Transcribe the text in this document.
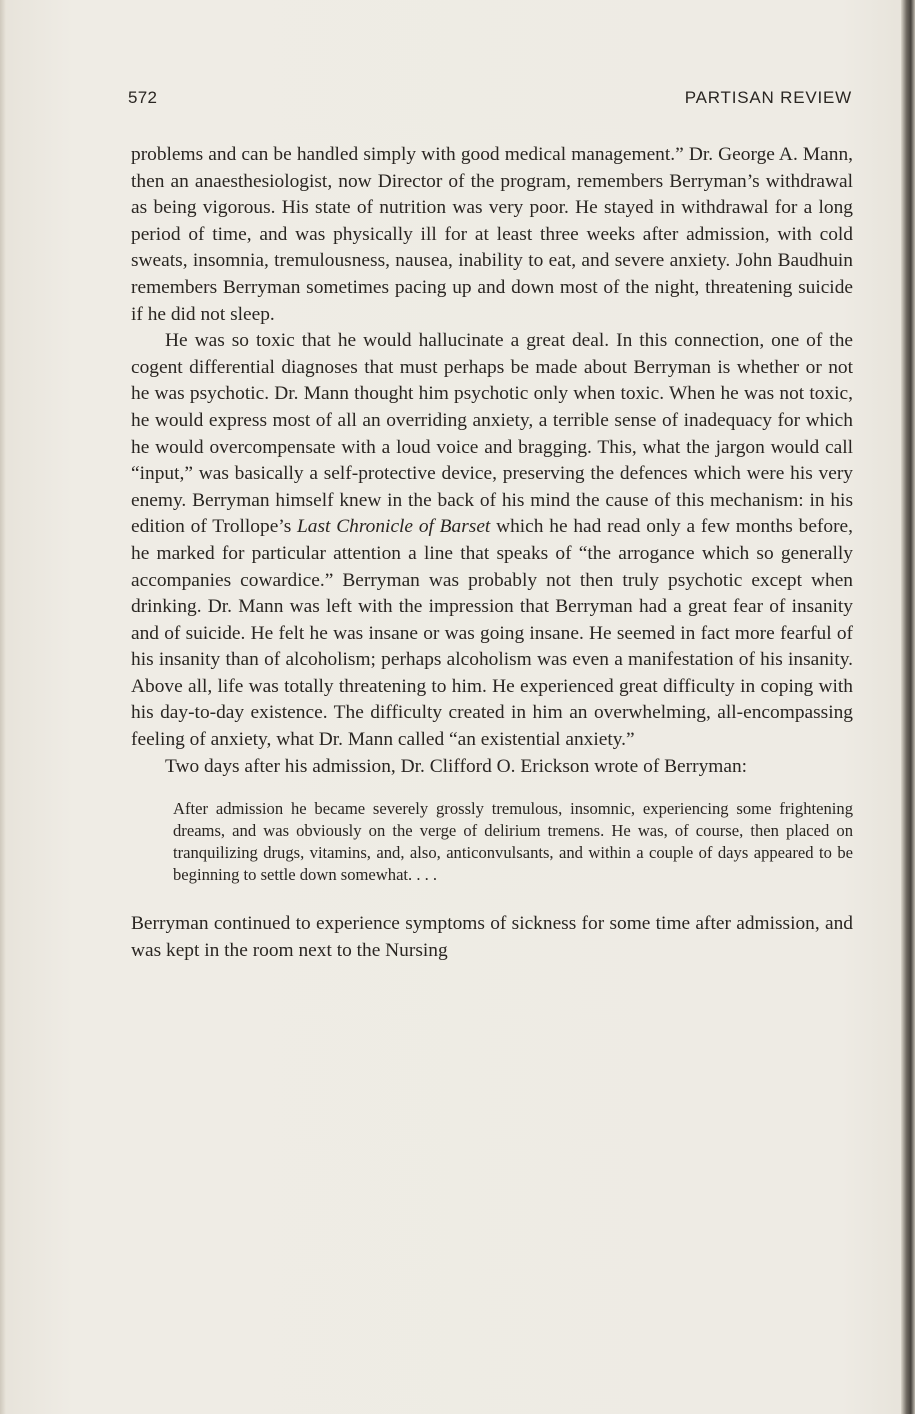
572	PARTISAN REVIEW

problems and can be handled simply with good medical management.” Dr. George A. Mann, then an anaesthesiologist, now Director of the program, remembers Berryman’s withdrawal as being vigorous. His state of nutrition was very poor. He stayed in withdrawal for a long period of time, and was physically ill for at least three weeks after admission, with cold sweats, insomnia, tremulousness, nausea, inability to eat, and severe anxiety. John Baudhuin remembers Berryman sometimes pacing up and down most of the night, threatening suicide if he did not sleep.

He was so toxic that he would hallucinate a great deal. In this connection, one of the cogent differential diagnoses that must perhaps be made about Berryman is whether or not he was psychotic. Dr. Mann thought him psychotic only when toxic. When he was not toxic, he would express most of all an overriding anxiety, a terrible sense of inadequacy for which he would overcompensate with a loud voice and bragging. This, what the jargon would call “input,” was basically a self-protective device, preserving the defences which were his very enemy. Berryman himself knew in the back of his mind the cause of this mechanism: in his edition of Trollope’s Last Chronicle of Barset which he had read only a few months before, he marked for particular attention a line that speaks of “the arrogance which so generally accompanies cowardice.” Berryman was probably not then truly psychotic except when drinking. Dr. Mann was left with the impression that Berryman had a great fear of insanity and of suicide. He felt he was insane or was going insane. He seemed in fact more fearful of his insanity than of alcoholism; perhaps alcoholism was even a manifestation of his insanity. Above all, life was totally threatening to him. He experienced great difficulty in coping with his day-to-day existence. The difficulty created in him an overwhelming, all-encompassing feeling of anxiety, what Dr. Mann called “an existential anxiety.”

Two days after his admission, Dr. Clifford O. Erickson wrote of Berryman:

After admission he became severely grossly tremulous, insomnic, experiencing some frightening dreams, and was obviously on the verge of delirium tremens. He was, of course, then placed on tranquilizing drugs, vitamins, and, also, anticonvulsants, and within a couple of days appeared to be beginning to settle down somewhat. . . .

Berryman continued to experience symptoms of sickness for some time after admission, and was kept in the room next to the Nursing
